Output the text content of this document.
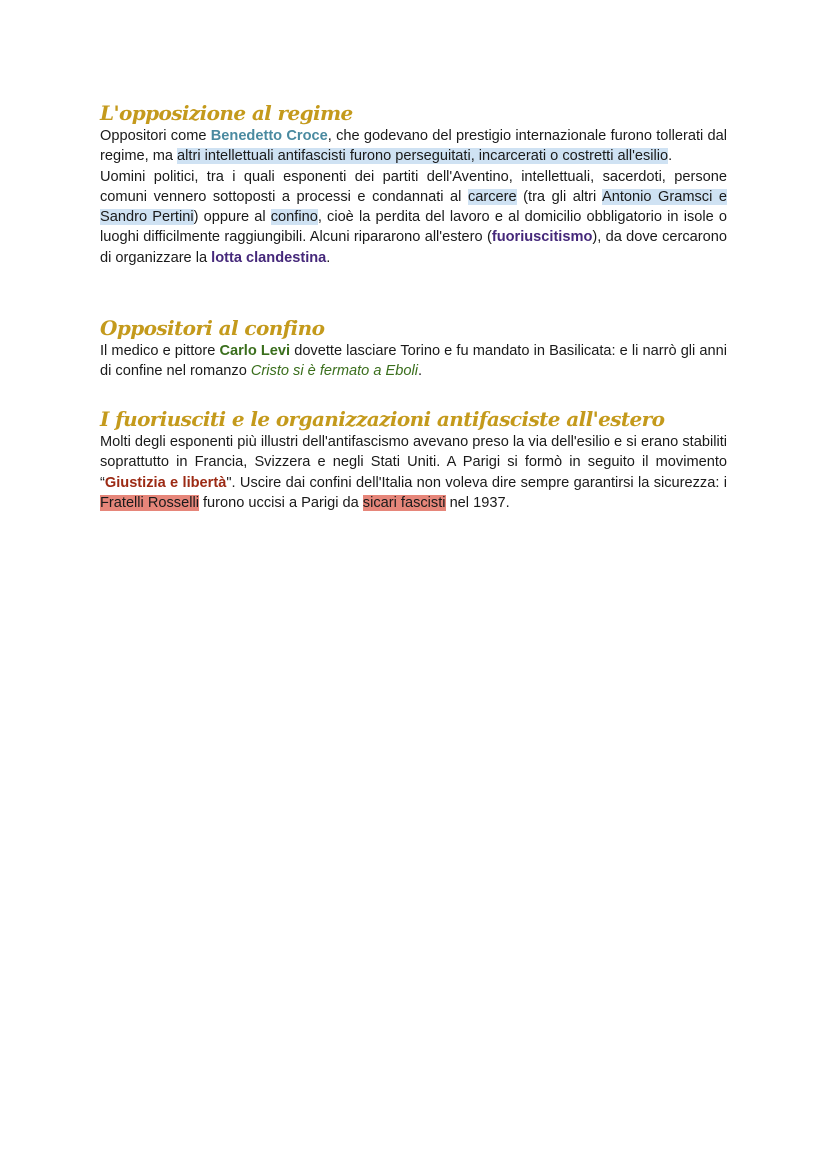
L'opposizione al regime

Oppositori come Benedetto Croce, che godevano del prestigio internazionale furono tollerati dal regime, ma altri intellettuali antifascisti furono perseguitati, incarcerati o costretti all'esilio.

Uomini politici, tra i quali esponenti dei partiti dell'Aventino, intellettuali, sacerdoti, persone comuni vennero sottoposti a processi e condannati al carcere (tra gli altri Antonio Gramsci e Sandro Pertini) oppure al confino, cioè la perdita del lavoro e al domicilio obbligatorio in isole o luoghi difficilmente raggiungibili. Alcuni ripararono all'estero (fuoriuscitismo), da dove cercarono di organizzare la lotta clandestina.

Oppositori al confino

Il medico e pittore Carlo Levi dovette lasciare Torino e fu mandato in Basilicata: e li narrò gli anni di confine nel romanzo Cristo si è fermato a Eboli.

I fuoriusciti e le organizzazioni antifasciste all'estero

Molti degli esponenti più illustri dell'antifascismo avevano preso la via dell'esilio e si erano stabiliti soprattutto in Francia, Svizzera e negli Stati Uniti. A Parigi si formò in seguito il movimento “Giustizia e libertà". Uscire dai confini dell'Italia non voleva dire sempre garantirsi la sicurezza: i Fratelli Rosselli furono uccisi a Parigi da sicari fascisti nel 1937.
